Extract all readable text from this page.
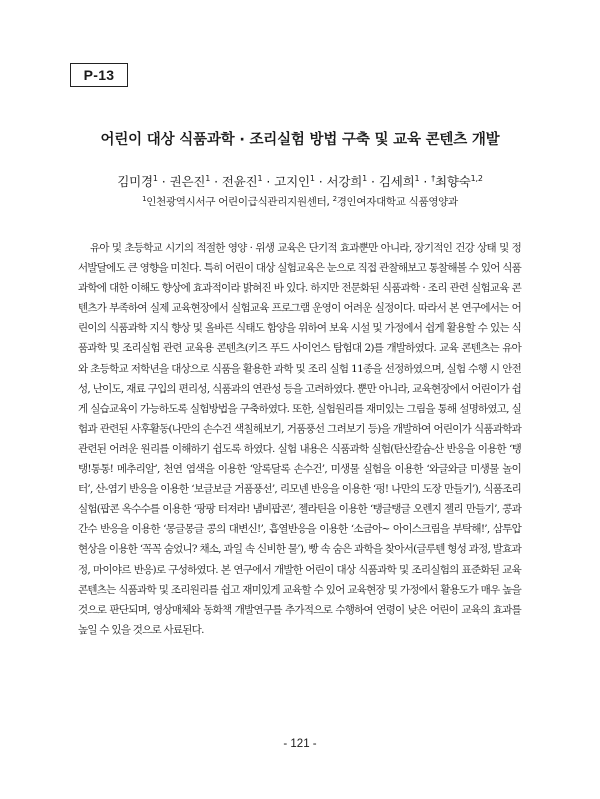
P-13
어린이 대상 식품과학 · 조리실험 방법 구축 및 교육 콘텐츠 개발
김미경$^1$ · 권은진$^1$ · 전윤진$^1$ · 고지인$^1$ · 서강희$^1$ · 김세희$^1$ · †최향숙$^{1,2}$
$^1$인천광역시서구 어린이급식관리지원센터, $^2$경인여자대학교 식품영양과

유아 및 초등학교 시기의 적절한 영양 · 위생 교육은 단기적 효과뿐만 아니라, 장기적인 건강 상태 및 정서발달에도 큰 영향을 미친다. 특히 어린이 대상 실험교육은 눈으로 직접 관찰해보고 통찰해볼 수 있어 식품과학에 대한 이해도 향상에 효과적이라 밝혀진 바 있다. 하지만 전문화된 식품과학 · 조리 관련 실험교육 콘텐츠가 부족하여 실제 교육현장에서 실험교육 프로그램 운영이 어려운 실정이다. 따라서 본 연구에서는 어린이의 식품과학 지식 향상 및 올바른 식태도 함양을 위하여 보육 시설 및 가정에서 쉽게 활용할 수 있는 식품과학 및 조리실험 관련 교육용 콘텐츠(키즈 푸드 사이언스 탐험대 2)를 개발하였다. 교육 콘텐츠는 유아와 초등학교 저학년을 대상으로 식품을 활용한 과학 및 조리 실험 11종을 선정하였으며, 실험 수행 시 안전성, 난이도, 재료 구입의 편리성, 식품과의 연관성 등을 고려하였다. 뿐만 아니라, 교육현장에서 어린이가 쉽게 실습교육이 가능하도록 실험방법을 구축하였다. 또한, 실험원리를 재미있는 그림을 통해 설명하였고, 실험과 관련된 사후활동(나만의 손수건 색칠해보기, 거품풍선 그려보기 등)을 개발하여 어린이가 식품과학과 관련된 어려운 원리를 이해하기 쉽도록 하였다. 실험 내용은 식품과학 실험(탄산칼슘-산 반응을 이용한 ‘탱탱!통통! 메추리알’, 천연 염색을 이용한 ‘알록달록 손수건’, 미생물 실험을 이용한 ‘와글와글 미생물 놀이터’, 산-염기 반응을 이용한 ‘보글보글 거품풍선’, 리모넨 반응을 이용한 ‘펑! 나만의 도장 만들기’), 식품조리 실험(팝콘 옥수수를 이용한 ‘팡팡 터져라! 냄비팝콘’, 젤라틴을 이용한 ‘탱글탱글 오렌지 젤리 만들기’, 콩과 간수 반응을 이용한 ‘몽글몽글 콩의 대변신!’, 흡열반응을 이용한 ‘소금아~ 아이스크림을 부탁해!’, 삼투압 현상을 이용한 ‘꼭꼭 숨었니? 채소, 과일 속 신비한 물’), 빵 속 숨은 과학을 찾아서(글루텐 형성 과정, 발효과정, 마이야르 반응)로 구성하였다. 본 연구에서 개발한 어린이 대상 식품과학 및 조리실험의 표준화된 교육 콘텐츠는 식품과학 및 조리원리를 쉽고 재미있게 교육할 수 있어 교육현장 및 가정에서 활용도가 매우 높을 것으로 판단되며, 영상매체와 동화책 개발연구를 추가적으로 수행하여 연령이 낮은 어린이 교육의 효과를 높일 수 있을 것으로 사료된다.

- 121 -
